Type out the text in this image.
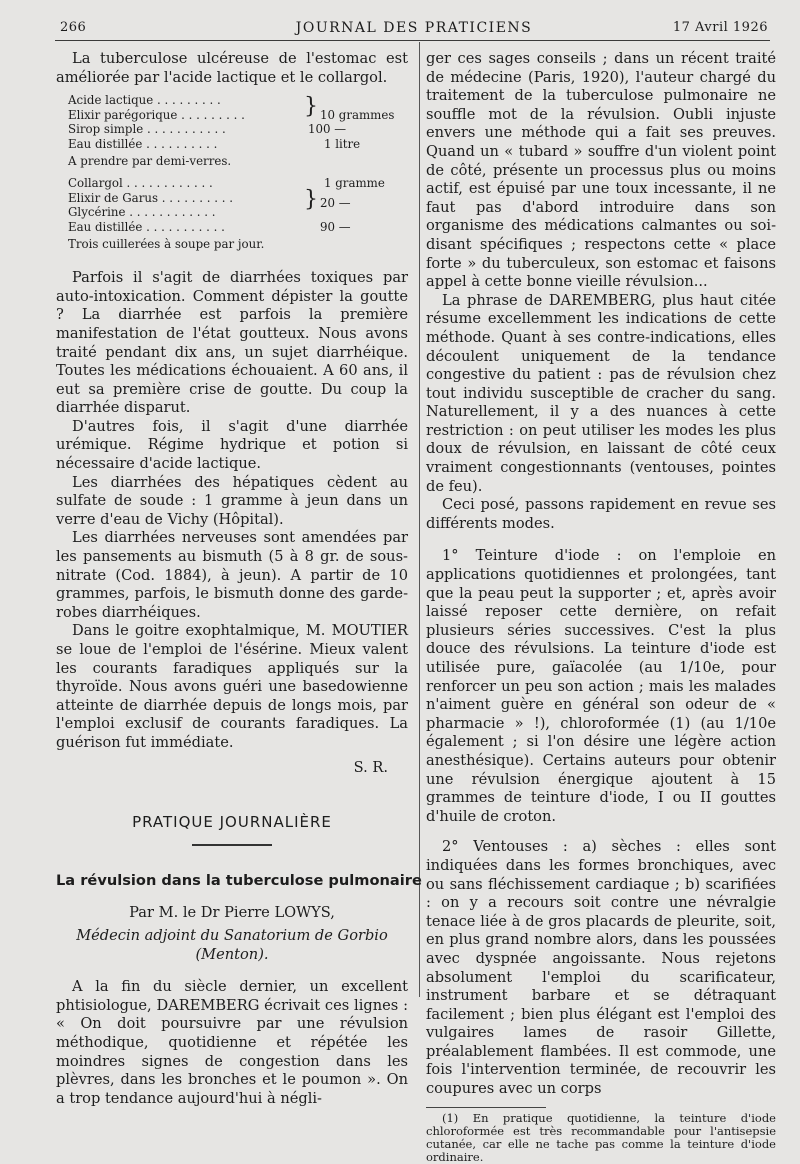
266	JOURNAL DES PRATICIENS	17 Avril 1926

La tuberculose ulcéreuse de l'estomac est améliorée par l'acide lactique et le collargol.

Acide lactique . . . . . . . . .
Elixir parégorique . . . . . . . . .	} 10 grammes
Sirop simple . . . . . . . . . . .	100 —
Eau distillée . . . . . . . . . .	1 litre
A prendre par demi-verres.
Collargol . . . . . . . . . . . .	1 gramme
Elixir de Garus . . . . . . . . . .	} 20 —
Glycérine . . . . . . . . . . . .
Eau distillée . . . . . . . . . . .	90 —
Trois cuillerées à soupe par jour.

Parfois il s'agit de diarrhées toxiques par auto-intoxication. Comment dépister la goutte ? La diarrhée est parfois la première manifestation de l'état goutteux. Nous avons traité pendant dix ans, un sujet diarrhéique. Toutes les médications échouaient. A 60 ans, il eut sa première crise de goutte. Du coup la diarrhée disparut.

D'autres fois, il s'agit d'une diarrhée urémique. Régime hydrique et potion si nécessaire d'acide lactique.

Les diarrhées des hépatiques cèdent au sulfate de soude : 1 gramme à jeun dans un verre d'eau de Vichy (Hôpital).

Les diarrhées nerveuses sont amendées par les pansements au bismuth (5 à 8 gr. de sous-nitrate (Cod. 1884), à jeun). A partir de 10 grammes, parfois, le bismuth donne des garde-robes diarrhéiques.

Dans le goitre exophtalmique, M. MOUTIER se loue de l'emploi de l'ésérine. Mieux valent les courants faradiques appliqués sur la thyroïde. Nous avons guéri une basedowienne atteinte de diarrhée depuis de longs mois, par l'emploi exclusif de courants faradiques. La guérison fut immédiate.

S. R.

PRATIQUE JOURNALIÈRE
La révulsion dans la tuberculose pulmonaire
Par M. le Dr Pierre LOWYS,
Médecin adjoint du Sanatorium de Gorbio (Menton).

A la fin du siècle dernier, un excellent phtisiologue, DAREMBERG écrivait ces lignes : « On doit poursuivre par une révulsion méthodique, quotidienne et répétée les moindres signes de congestion dans les plèvres, dans les bronches et le poumon ». On a trop tendance aujourd'hui à négli-

ger ces sages conseils ; dans un récent traité de médecine (Paris, 1920), l'auteur chargé du traitement de la tuberculose pulmonaire ne souffle mot de la révulsion. Oubli injuste envers une méthode qui a fait ses preuves. Quand un « tubard » souffre d'un violent point de côté, présente un processus plus ou moins actif, est épuisé par une toux incessante, il ne faut pas d'abord introduire dans son organisme des médications calmantes ou soi-disant spécifiques ; respectons cette « place forte » du tuberculeux, son estomac et faisons appel à cette bonne vieille révulsion...

La phrase de DAREMBERG, plus haut citée résume excellemment les indications de cette méthode. Quant à ses contre-indications, elles découlent uniquement de la tendance congestive du patient : pas de révulsion chez tout individu susceptible de cracher du sang. Naturellement, il y a des nuances à cette restriction : on peut utiliser les modes les plus doux de révulsion, en laissant de côté ceux vraiment congestionnants (ventouses, pointes de feu).

Ceci posé, passons rapidement en revue ses différents modes.

1° Teinture d'iode : on l'emploie en applications quotidiennes et prolongées, tant que la peau peut la supporter ; et, après avoir laissé reposer cette dernière, on refait plusieurs séries successives. C'est la plus douce des révulsions. La teinture d'iode est utilisée pure, gaïacolée (au 1/10e, pour renforcer un peu son action ; mais les malades n'aiment guère en général son odeur de « pharmacie » !), chloroformée (1) (au 1/10e également ; si l'on désire une légère action anesthésique). Certains auteurs pour obtenir une révulsion énergique ajoutent à 15 grammes de teinture d'iode, I ou II gouttes d'huile de croton.

2° Ventouses : a) sèches : elles sont indiquées dans les formes bronchiques, avec ou sans fléchissement cardiaque ; b) scarifiées : on y a recours soit contre une névralgie tenace liée à de gros placards de pleurite, soit, en plus grand nombre alors, dans les poussées avec dyspnée angoissante. Nous rejetons absolument l'emploi du scarificateur, instrument barbare et se détraquant facilement ; bien plus élégant est l'emploi des vulgaires lames de rasoir Gillette, préalablement flambées. Il est commode, une fois l'intervention terminée, de recouvrir les coupures avec un corps

(1) En pratique quotidienne, la teinture d'iode chloroformée est très recommandable pour l'antisepsie cutanée, car elle ne tache pas comme la teinture d'iode ordinaire.
